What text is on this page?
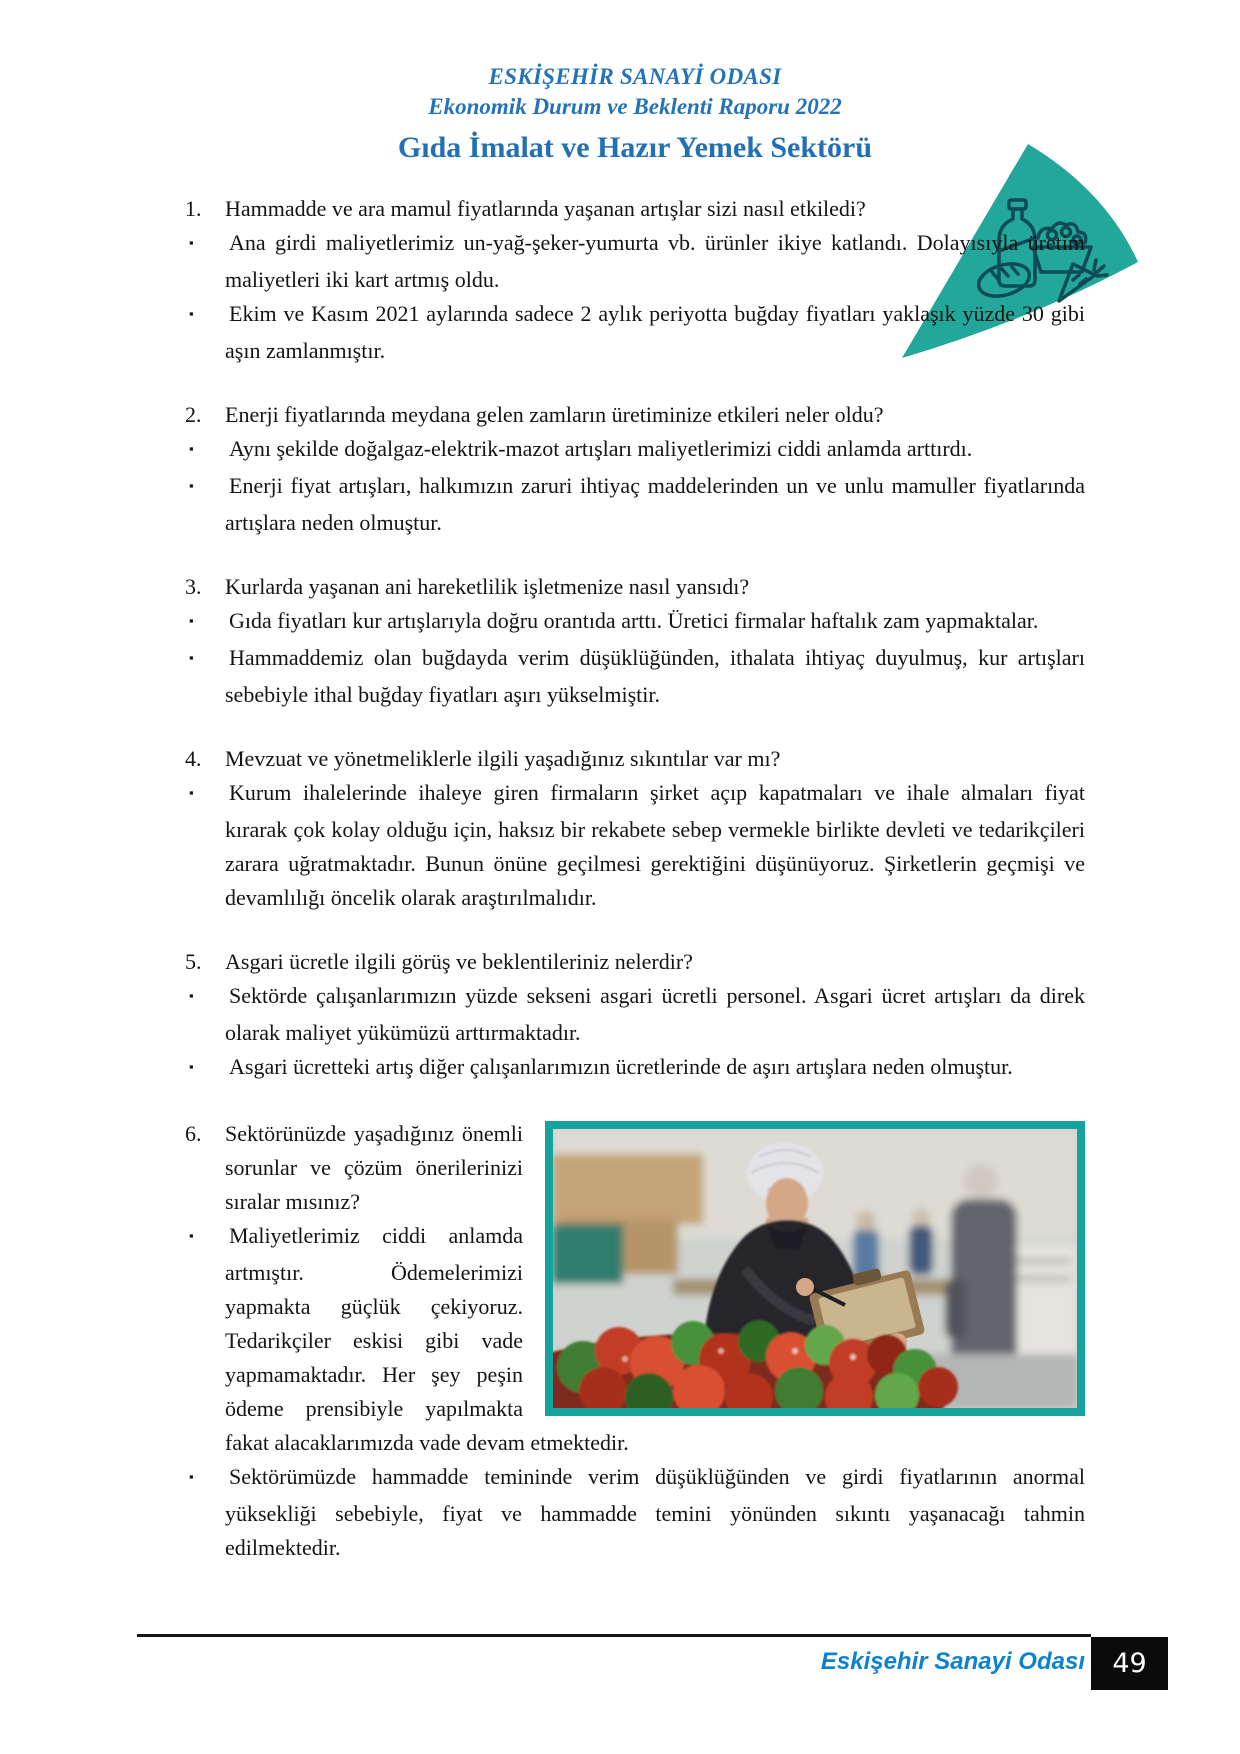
ESKİŞEHİR SANAYİ ODASI
Ekonomik Durum ve Beklenti Raporu 2022
Gıda İmalat ve Hazır Yemek Sektörü

1. Hammadde ve ara mamul fiyatlarında yaşanan artışlar sizi nasıl etkiledi?

▪ Ana girdi maliyetlerimiz un-yağ-şeker-yumurta vb. ürünler ikiye katlandı. Dolayısıyla üretim maliyetleri iki kart artmış oldu.

▪ Ekim ve Kasım 2021 aylarında sadece 2 aylık periyotta buğday fiyatları yaklaşık yüzde 30 gibi aşın zamlanmıştır.

2. Enerji fiyatlarında meydana gelen zamların üretiminize etkileri neler oldu?

▪ Aynı şekilde doğalgaz-elektrik-mazot artışları maliyetlerimizi ciddi anlamda arttırdı.

▪ Enerji fiyat artışları, halkımızın zaruri ihtiyaç maddelerinden un ve unlu mamuller fiyatlarında artışlara neden olmuştur.

3. Kurlarda yaşanan ani hareketlilik işletmenize nasıl yansıdı?

▪ Gıda fiyatları kur artışlarıyla doğru orantıda arttı. Üretici firmalar haftalık zam yapmaktalar.

▪ Hammaddemiz olan buğdayda verim düşüklüğünden, ithalata ihtiyaç duyulmuş, kur artışları sebebiyle ithal buğday fiyatları aşırı yükselmiştir.

4. Mevzuat ve yönetmeliklerle ilgili yaşadığınız sıkıntılar var mı?

▪ Kurum ihalelerinde ihaleye giren firmaların şirket açıp kapatmaları ve ihale almaları fiyat kırarak çok kolay olduğu için, haksız bir rekabete sebep vermekle birlikte devleti ve tedarikçileri zarara uğratmaktadır. Bunun önüne geçilmesi gerektiğini düşünüyoruz. Şirketlerin geçmişi ve devamlılığı öncelik olarak araştırılmalıdır.

5. Asgari ücretle ilgili görüş ve beklentileriniz nelerdir?

▪ Sektörde çalışanlarımızın yüzde sekseni asgari ücretli personel. Asgari ücret artışları da direk olarak maliyet yükümüzü arttırmaktadır.

▪ Asgari ücretteki artış diğer çalışanlarımızın ücretlerinde de aşırı artışlara neden olmuştur.

6. Sektörünüzde yaşadığınız önemli sorunlar ve çözüm önerilerinizi sıralar mısınız?

▪ Maliyetlerimiz ciddi anlamda artmıştır. Ödemelerimizi yapmakta güçlük çekiyoruz. Tedarikçiler eskisi gibi vade yapmamaktadır. Her şey peşin ödeme prensibiyle yapılmakta fakat alacaklarımızda vade devam etmektedir.

▪ Sektörümüzde hammadde temininde verim düşüklüğünden ve girdi fiyatlarının anormal yüksekliği sebebiyle, fiyat ve hammadde temini yönünden sıkıntı yaşanacağı tahmin edilmektedir.

Eskişehir Sanayi Odası	49
